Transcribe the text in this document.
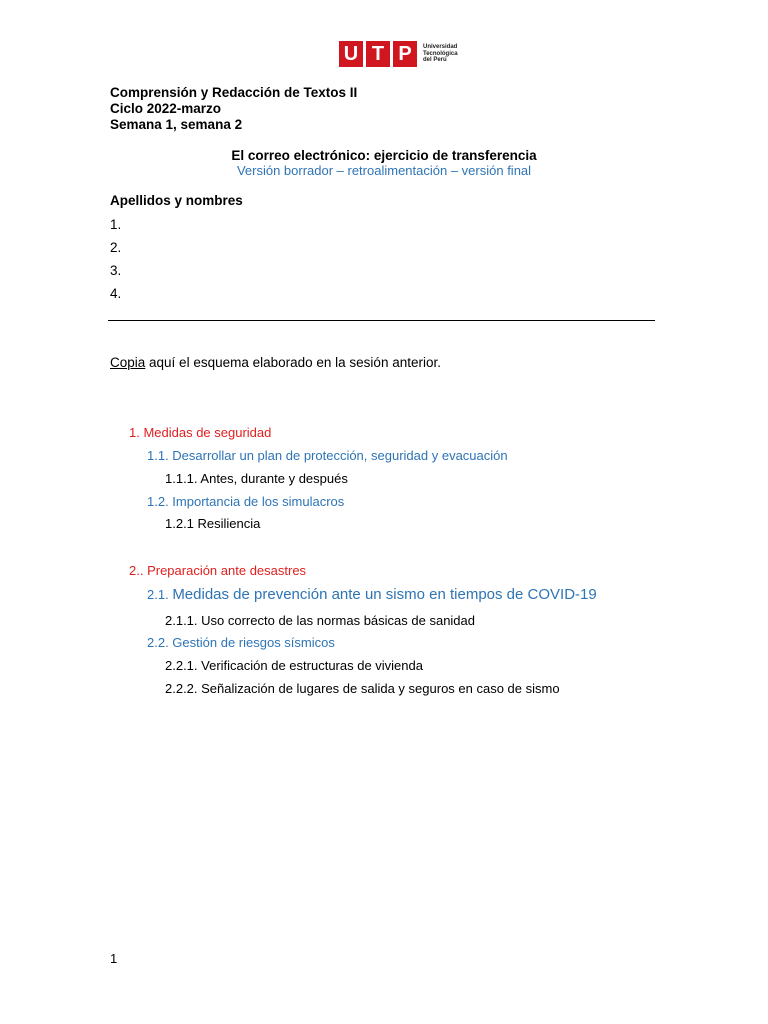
U T P	Universidad
Tecnológica
del Perú
Comprensión y Redacción de Textos II
Ciclo 2022-marzo
Semana 1, semana 2
El correo electrónico: ejercicio de transferencia
Versión borrador – retroalimentación – versión final
Apellidos y nombres
1.
2.
3.
4.
Copia aquí el esquema elaborado en la sesión anterior.
1. Medidas de seguridad
1.1. Desarrollar un plan de protección, seguridad y evacuación
1.1.1. Antes, durante y después
1.2. Importancia de los simulacros
1.2.1 Resiliencia
2.. Preparación ante desastres
2.1. Medidas de prevención ante un sismo en tiempos de COVID-19
2.1.1. Uso correcto de las normas básicas de sanidad
2.2. Gestión de riesgos sísmicos
2.2.1. Verificación de estructuras de vivienda
2.2.2. Señalización de lugares de salida y seguros en caso de sismo
1
